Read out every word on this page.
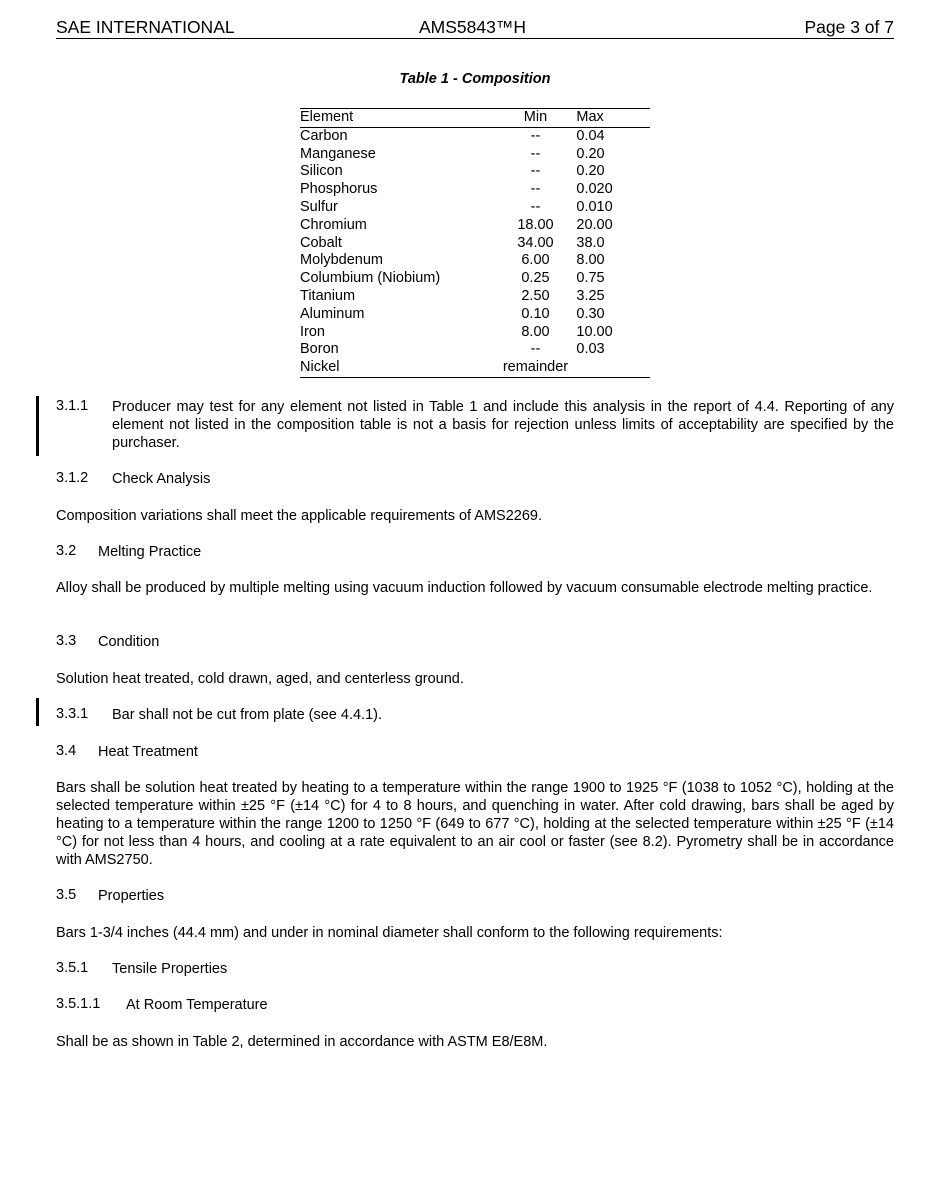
SAE INTERNATIONAL	AMS5843™H	Page 3 of 7
Table 1 - Composition
Element	Min	Max
Carbon	--	0.04
Manganese	--	0.20
Silicon	--	0.20
Phosphorus	--	0.020
Sulfur	--	0.010
Chromium	18.00	20.00
Cobalt	34.00	38.0
Molybdenum	6.00	8.00
Columbium (Niobium)	0.25	0.75
Titanium	2.50	3.25
Aluminum	0.10	0.30
Iron	8.00	10.00
Boron	--	0.03
Nickel	remainder	
3.1.1 Producer may test for any element not listed in Table 1 and include this analysis in the report of 4.4. Reporting of any element not listed in the composition table is not a basis for rejection unless limits of acceptability are specified by the purchaser.

3.1.2 Check Analysis

Composition variations shall meet the applicable requirements of AMS2269.

3.2 Melting Practice

Alloy shall be produced by multiple melting using vacuum induction followed by vacuum consumable electrode melting practice.

3.3 Condition

Solution heat treated, cold drawn, aged, and centerless ground.

3.3.1 Bar shall not be cut from plate (see 4.4.1).
3.4 Heat Treatment

Bars shall be solution heat treated by heating to a temperature within the range 1900 to 1925 °F (1038 to 1052 °C), holding at the selected temperature within ±25 °F (±14 °C) for 4 to 8 hours, and quenching in water. After cold drawing, bars shall be aged by heating to a temperature within the range 1200 to 1250 °F (649 to 677 °C), holding at the selected temperature within ±25 °F (±14 °C) for not less than 4 hours, and cooling at a rate equivalent to an air cool or faster (see 8.2). Pyrometry shall be in accordance with AMS2750.

3.5 Properties

Bars 1-3/4 inches (44.4 mm) and under in nominal diameter shall conform to the following requirements:

3.5.1 Tensile Properties
3.5.1.1 At Room Temperature

Shall be as shown in Table 2, determined in accordance with ASTM E8/E8M.
